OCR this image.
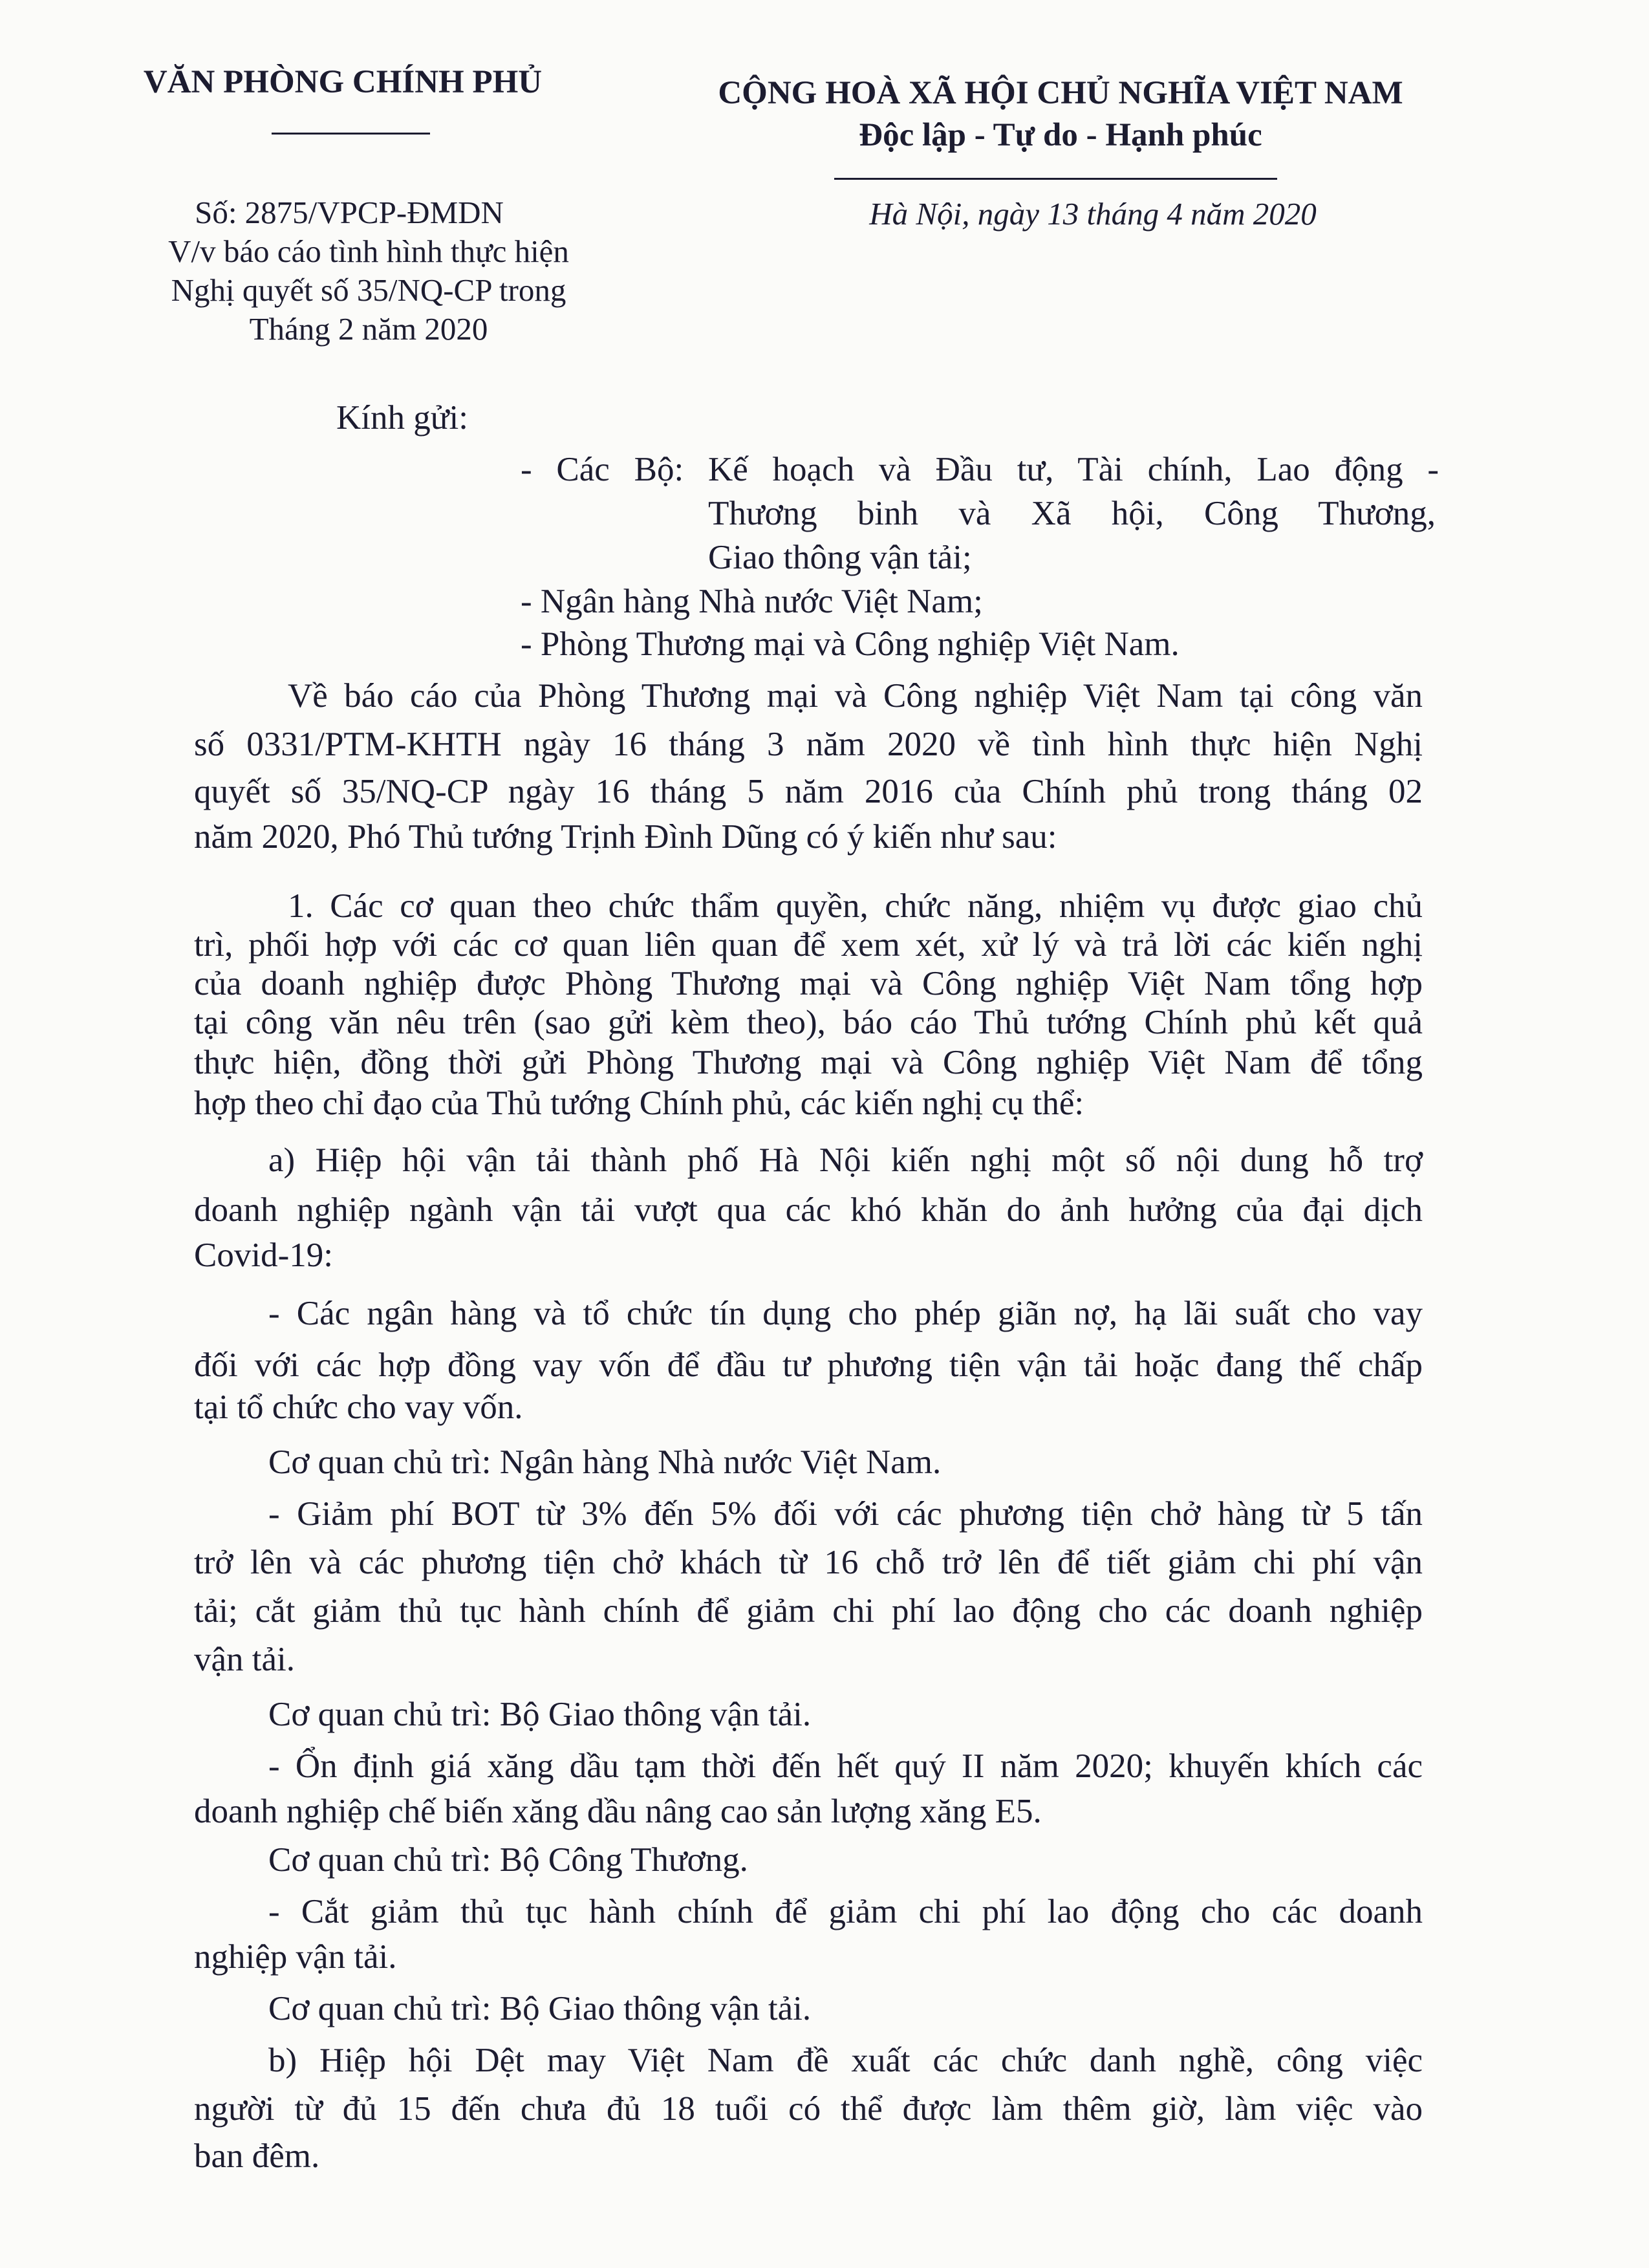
VĂN PHÒNG CHÍNH PHỦ	CỘNG HOÀ XÃ HỘI CHỦ NGHĨA VIỆT NAM
Độc lập - Tự do - Hạnh phúc
Số: 2875/VPCP-ĐMDN
V/v báo cáo tình hình thực hiện
Nghị quyết số 35/NQ-CP trong
Tháng 2 năm 2020
Hà Nội, ngày 13 tháng 4 năm 2020
Kính gửi:
- Các Bộ: Kế hoạch và Đầu tư, Tài chính, Lao động -
Thương binh và Xã hội, Công Thương,
Giao thông vận tải;
- Ngân hàng Nhà nước Việt Nam;
- Phòng Thương mại và Công nghiệp Việt Nam.
Về báo cáo của Phòng Thương mại và Công nghiệp Việt Nam tại công văn
số 0331/PTM-KHTH ngày 16 tháng 3 năm 2020 về tình hình thực hiện Nghị
quyết số 35/NQ-CP ngày 16 tháng 5 năm 2016 của Chính phủ trong tháng 02
năm 2020, Phó Thủ tướng Trịnh Đình Dũng có ý kiến như sau:
1. Các cơ quan theo chức thẩm quyền, chức năng, nhiệm vụ được giao chủ
trì, phối hợp với các cơ quan liên quan để xem xét, xử lý và trả lời các kiến nghị
của doanh nghiệp được Phòng Thương mại và Công nghiệp Việt Nam tổng hợp
tại công văn nêu trên (sao gửi kèm theo), báo cáo Thủ tướng Chính phủ kết quả
thực hiện, đồng thời gửi Phòng Thương mại và Công nghiệp Việt Nam để tổng
hợp theo chỉ đạo của Thủ tướng Chính phủ, các kiến nghị cụ thể:
a) Hiệp hội vận tải thành phố Hà Nội kiến nghị một số nội dung hỗ trợ
doanh nghiệp ngành vận tải vượt qua các khó khăn do ảnh hưởng của đại dịch
Covid-19:
- Các ngân hàng và tổ chức tín dụng cho phép giãn nợ, hạ lãi suất cho vay
đối với các hợp đồng vay vốn để đầu tư phương tiện vận tải hoặc đang thế chấp
tại tổ chức cho vay vốn.
Cơ quan chủ trì: Ngân hàng Nhà nước Việt Nam.
- Giảm phí BOT từ 3% đến 5% đối với các phương tiện chở hàng từ 5 tấn
trở lên và các phương tiện chở khách từ 16 chỗ trở lên để tiết giảm chi phí vận
tải; cắt giảm thủ tục hành chính để giảm chi phí lao động cho các doanh nghiệp
vận tải.
Cơ quan chủ trì: Bộ Giao thông vận tải.
- Ổn định giá xăng dầu tạm thời đến hết quý II năm 2020; khuyến khích các
doanh nghiệp chế biến xăng dầu nâng cao sản lượng xăng E5.
Cơ quan chủ trì: Bộ Công Thương.
- Cắt giảm thủ tục hành chính để giảm chi phí lao động cho các doanh
nghiệp vận tải.
Cơ quan chủ trì: Bộ Giao thông vận tải.
b) Hiệp hội Dệt may Việt Nam đề xuất các chức danh nghề, công việc
người từ đủ 15 đến chưa đủ 18 tuổi có thể được làm thêm giờ, làm việc vào
ban đêm.
